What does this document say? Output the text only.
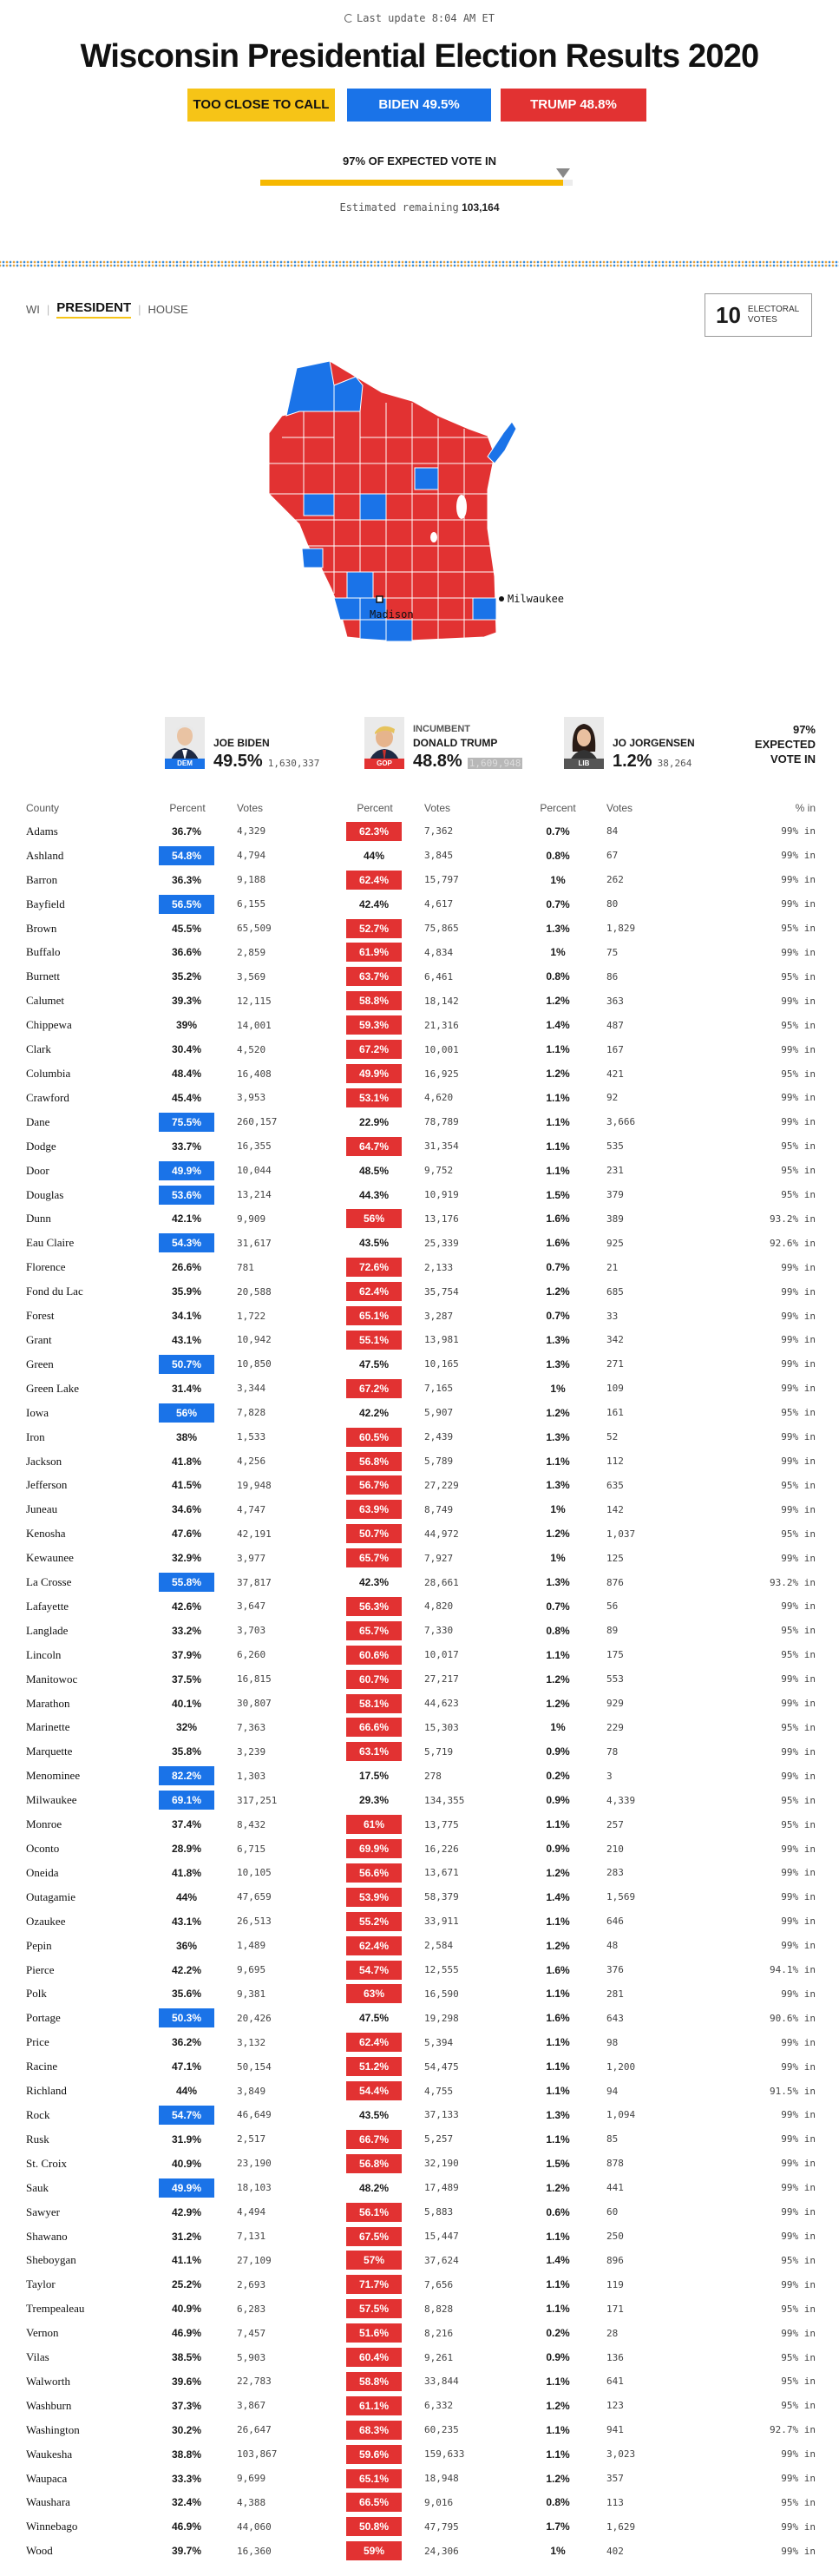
Last update 8:04 AM ET
Wisconsin Presidential Election Results 2020
TOO CLOSE TO CALL	BIDEN 49.5%	TRUMP 48.8%
97% OF EXPECTED VOTE IN
Estimated remaining 103,164
WI | PRESIDENT | HOUSE	10 ELECTORAL VOTES
Madison
Milwaukee
DEM
JOE BIDEN
49.5% 1,630,337	GOP
INCUMBENT
DONALD TRUMP
48.8% 1,609,948	LIB
JO JORGENSEN
1.2% 38,264
97% EXPECTED VOTE IN
County	Percent	Votes	Percent	Votes	Percent	Votes	% in
Adams	36.7%	4,329	62.3%	7,362	0.7%	84	99% in
Ashland	54.8%	4,794	44%	3,845	0.8%	67	99% in
Barron	36.3%	9,188	62.4%	15,797	1%	262	99% in
Bayfield	56.5%	6,155	42.4%	4,617	0.7%	80	99% in
Brown	45.5%	65,509	52.7%	75,865	1.3%	1,829	95% in
Buffalo	36.6%	2,859	61.9%	4,834	1%	75	99% in
Burnett	35.2%	3,569	63.7%	6,461	0.8%	86	95% in
Calumet	39.3%	12,115	58.8%	18,142	1.2%	363	99% in
Chippewa	39%	14,001	59.3%	21,316	1.4%	487	95% in
Clark	30.4%	4,520	67.2%	10,001	1.1%	167	99% in
Columbia	48.4%	16,408	49.9%	16,925	1.2%	421	95% in
Crawford	45.4%	3,953	53.1%	4,620	1.1%	92	99% in
Dane	75.5%	260,157	22.9%	78,789	1.1%	3,666	99% in
Dodge	33.7%	16,355	64.7%	31,354	1.1%	535	95% in
Door	49.9%	10,044	48.5%	9,752	1.1%	231	95% in
Douglas	53.6%	13,214	44.3%	10,919	1.5%	379	95% in
Dunn	42.1%	9,909	56%	13,176	1.6%	389	93.2% in
Eau Claire	54.3%	31,617	43.5%	25,339	1.6%	925	92.6% in
Florence	26.6%	781	72.6%	2,133	0.7%	21	99% in
Fond du Lac	35.9%	20,588	62.4%	35,754	1.2%	685	99% in
Forest	34.1%	1,722	65.1%	3,287	0.7%	33	99% in
Grant	43.1%	10,942	55.1%	13,981	1.3%	342	99% in
Green	50.7%	10,850	47.5%	10,165	1.3%	271	99% in
Green Lake	31.4%	3,344	67.2%	7,165	1%	109	99% in
Iowa	56%	7,828	42.2%	5,907	1.2%	161	95% in
Iron	38%	1,533	60.5%	2,439	1.3%	52	99% in
Jackson	41.8%	4,256	56.8%	5,789	1.1%	112	99% in
Jefferson	41.5%	19,948	56.7%	27,229	1.3%	635	95% in
Juneau	34.6%	4,747	63.9%	8,749	1%	142	99% in
Kenosha	47.6%	42,191	50.7%	44,972	1.2%	1,037	95% in
Kewaunee	32.9%	3,977	65.7%	7,927	1%	125	99% in
La Crosse	55.8%	37,817	42.3%	28,661	1.3%	876	93.2% in
Lafayette	42.6%	3,647	56.3%	4,820	0.7%	56	99% in
Langlade	33.2%	3,703	65.7%	7,330	0.8%	89	95% in
Lincoln	37.9%	6,260	60.6%	10,017	1.1%	175	95% in
Manitowoc	37.5%	16,815	60.7%	27,217	1.2%	553	99% in
Marathon	40.1%	30,807	58.1%	44,623	1.2%	929	99% in
Marinette	32%	7,363	66.6%	15,303	1%	229	95% in
Marquette	35.8%	3,239	63.1%	5,719	0.9%	78	99% in
Menominee	82.2%	1,303	17.5%	278	0.2%	3	99% in
Milwaukee	69.1%	317,251	29.3%	134,355	0.9%	4,339	95% in
Monroe	37.4%	8,432	61%	13,775	1.1%	257	95% in
Oconto	28.9%	6,715	69.9%	16,226	0.9%	210	99% in
Oneida	41.8%	10,105	56.6%	13,671	1.2%	283	99% in
Outagamie	44%	47,659	53.9%	58,379	1.4%	1,569	99% in
Ozaukee	43.1%	26,513	55.2%	33,911	1.1%	646	99% in
Pepin	36%	1,489	62.4%	2,584	1.2%	48	99% in
Pierce	42.2%	9,695	54.7%	12,555	1.6%	376	94.1% in
Polk	35.6%	9,381	63%	16,590	1.1%	281	99% in
Portage	50.3%	20,426	47.5%	19,298	1.6%	643	90.6% in
Price	36.2%	3,132	62.4%	5,394	1.1%	98	99% in
Racine	47.1%	50,154	51.2%	54,475	1.1%	1,200	99% in
Richland	44%	3,849	54.4%	4,755	1.1%	94	91.5% in
Rock	54.7%	46,649	43.5%	37,133	1.3%	1,094	99% in
Rusk	31.9%	2,517	66.7%	5,257	1.1%	85	99% in
St. Croix	40.9%	23,190	56.8%	32,190	1.5%	878	99% in
Sauk	49.9%	18,103	48.2%	17,489	1.2%	441	99% in
Sawyer	42.9%	4,494	56.1%	5,883	0.6%	60	99% in
Shawano	31.2%	7,131	67.5%	15,447	1.1%	250	99% in
Sheboygan	41.1%	27,109	57%	37,624	1.4%	896	95% in
Taylor	25.2%	2,693	71.7%	7,656	1.1%	119	99% in
Trempealeau	40.9%	6,283	57.5%	8,828	1.1%	171	95% in
Vernon	46.9%	7,457	51.6%	8,216	0.2%	28	99% in
Vilas	38.5%	5,903	60.4%	9,261	0.9%	136	95% in
Walworth	39.6%	22,783	58.8%	33,844	1.1%	641	95% in
Washburn	37.3%	3,867	61.1%	6,332	1.2%	123	95% in
Washington	30.2%	26,647	68.3%	60,235	1.1%	941	92.7% in
Waukesha	38.8%	103,867	59.6%	159,633	1.1%	3,023	99% in
Waupaca	33.3%	9,699	65.1%	18,948	1.2%	357	99% in
Waushara	32.4%	4,388	66.5%	9,016	0.8%	113	95% in
Winnebago	46.9%	44,060	50.8%	47,795	1.7%	1,629	99% in
Wood	39.7%	16,360	59%	24,306	1%	402	99% in
